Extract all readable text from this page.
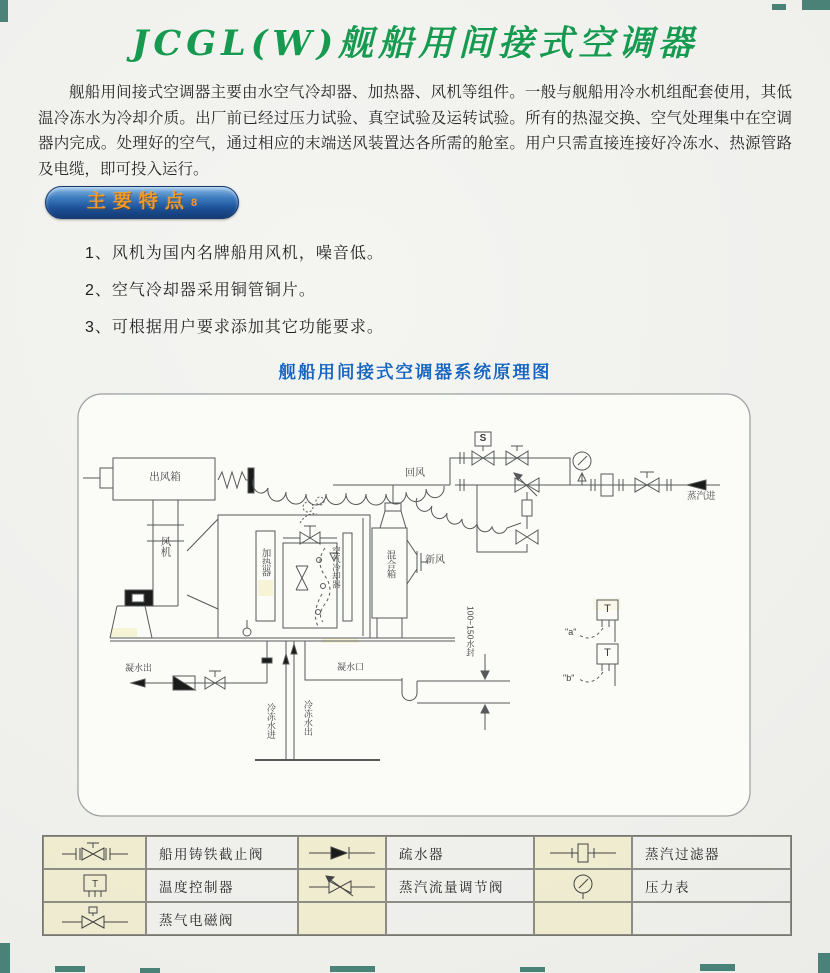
JCGL(W)舰船用间接式空调器
舰船用间接式空调器主要由水空气冷却器、加热器、风机等组件。一般与舰船用冷水机组配套使用，其低温冷冻水为冷却介质。出厂前已经过压力试验、真空试验及运转试验。所有的热湿交换、空气处理集中在空调器内完成。处理好的空气，通过相应的末端送风装置达各所需的舱室。用户只需直接连接好冷冻水、热源管路及电缆，即可投入运行。
主要特点8
1、风机为国内名牌船用风机，噪音低。
2、空气冷却器采用铜管铜片。
3、可根据用户要求添加其它功能要求。
舰船用间接式空调器系统原理图
出风箱
风机
加热器	空气冷却器	混合箱	新风
回风
蒸汽进
S
T
T
"a"
"b"
凝水出	凝水口
100~150水封
冷冻水进	冷冻水出
船用铸铁截止阀	疏水器	蒸汽过滤器
T	温度控制器	蒸汽流量调节阀	压力表
蒸气电磁阀
